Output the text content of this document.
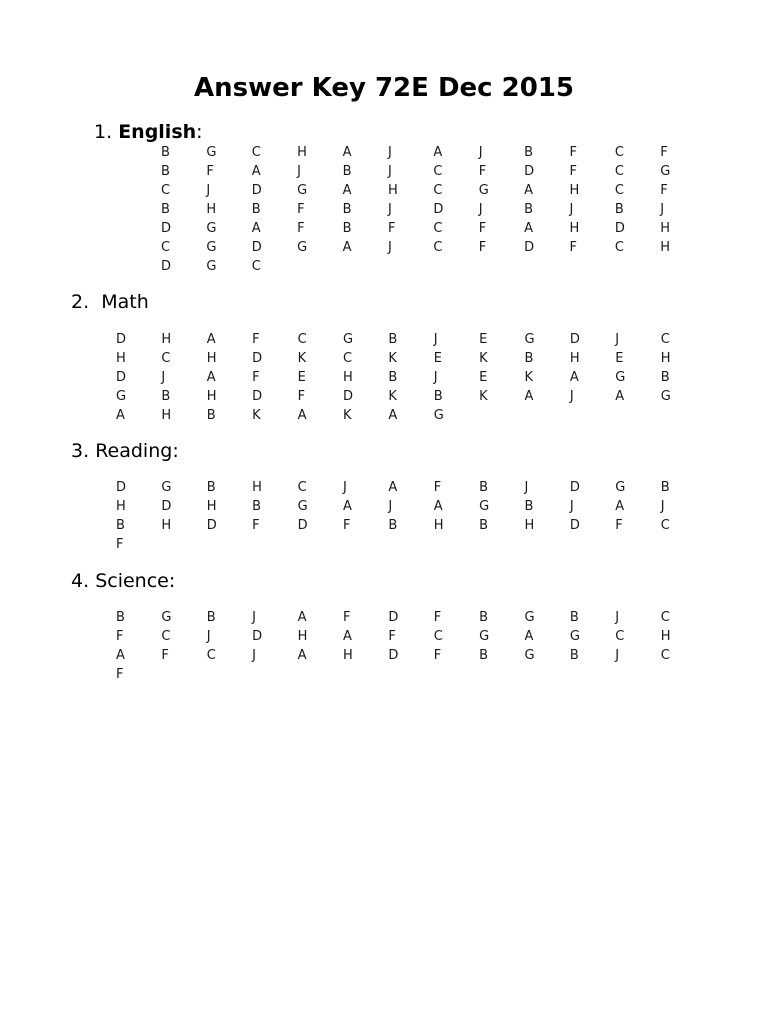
Answer Key 72E Dec 2015
1. English:
B	G	C	H	A	J	A	J	B	F	C	F
B	F	A	J	B	J	C	F	D	F	C	G
C	J	D	G	A	H	C	G	A	H	C	F
B	H	B	F	B	J	D	J	B	J	B	J
D	G	A	F	B	F	C	F	A	H	D	H
C	G	D	G	A	J	C	F	D	F	C	H
D	G	C
2. Math
D	H	A	F	C	G	B	J	E	G	D	J	C
H	C	H	D	K	C	K	E	K	B	H	E	H
D	J	A	F	E	H	B	J	E	K	A	G	B
G	B	H	D	F	D	K	B	K	A	J	A	G
A	H	B	K	A	K	A	G
3. Reading:
D	G	B	H	C	J	A	F	B	J	D	G	B
H	D	H	B	G	A	J	A	G	B	J	A	J
B	H	D	F	D	F	B	H	B	H	D	F	C
F
4. Science:
B	G	B	J	A	F	D	F	B	G	B	J	C
F	C	J	D	H	A	F	C	G	A	G	C	H
A	F	C	J	A	H	D	F	B	G	B	J	C
F
